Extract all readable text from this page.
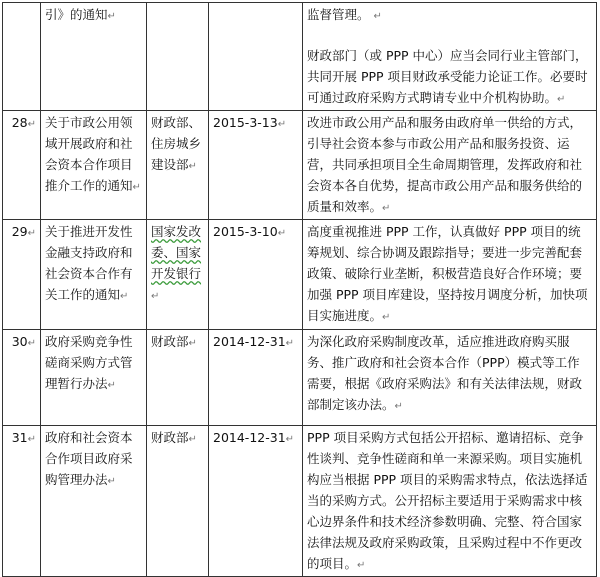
	引》的通知↵			监督管理。 ↵

财政部门（或 PPP 中心）应当会同行业主管部门，共同开展 PPP 项目财政承受能力论证工作。必要时可通过政府采购方式聘请专业中介机构协助。↵

28↵	关于市政公用领域开展政府和社会资本合作项目推介工作的通知↵	财政部、住房城乡建设部↵	2015-3-13↵	改进市政公用产品和服务由政府单一供给的方式，引导社会资本参与市政公用产品和服务投资、运营，共同承担项目全生命周期管理，发挥政府和社会资本各自优势，提高市政公用产品和服务供给的质量和效率。↵
29↵	关于推进开发性金融支持政府和社会资本合作有关工作的通知↵	国家发改委、国家开发银行↵	2015-3-10↵	高度重视推进 PPP 工作，认真做好 PPP 项目的统筹规划、综合协调及跟踪指导；要进一步完善配套政策、破除行业垄断，积极营造良好合作环境；要加强 PPP 项目库建设，坚持按月调度分析，加快项目实施进度。↵
30↵	政府采购竞争性磋商采购方式管理暂行办法↵	财政部↵	2014-12-31↵	为深化政府采购制度改革，适应推进政府购买服务、推广政府和社会资本合作（PPP）模式等工作需要，根据《政府采购法》和有关法律法规，财政部制定该办法。↵
31↵	政府和社会资本合作项目政府采购管理办法↵	财政部↵	2014-12-31↵	PPP 项目采购方式包括公开招标、邀请招标、竞争性谈判、竞争性磋商和单一来源采购。项目实施机构应当根据 PPP 项目的采购需求特点，依法选择适当的采购方式。公开招标主要适用于采购需求中核心边界条件和技术经济参数明确、完整、符合国家法律法规及政府采购政策，且采购过程中不作更改的项目。↵
